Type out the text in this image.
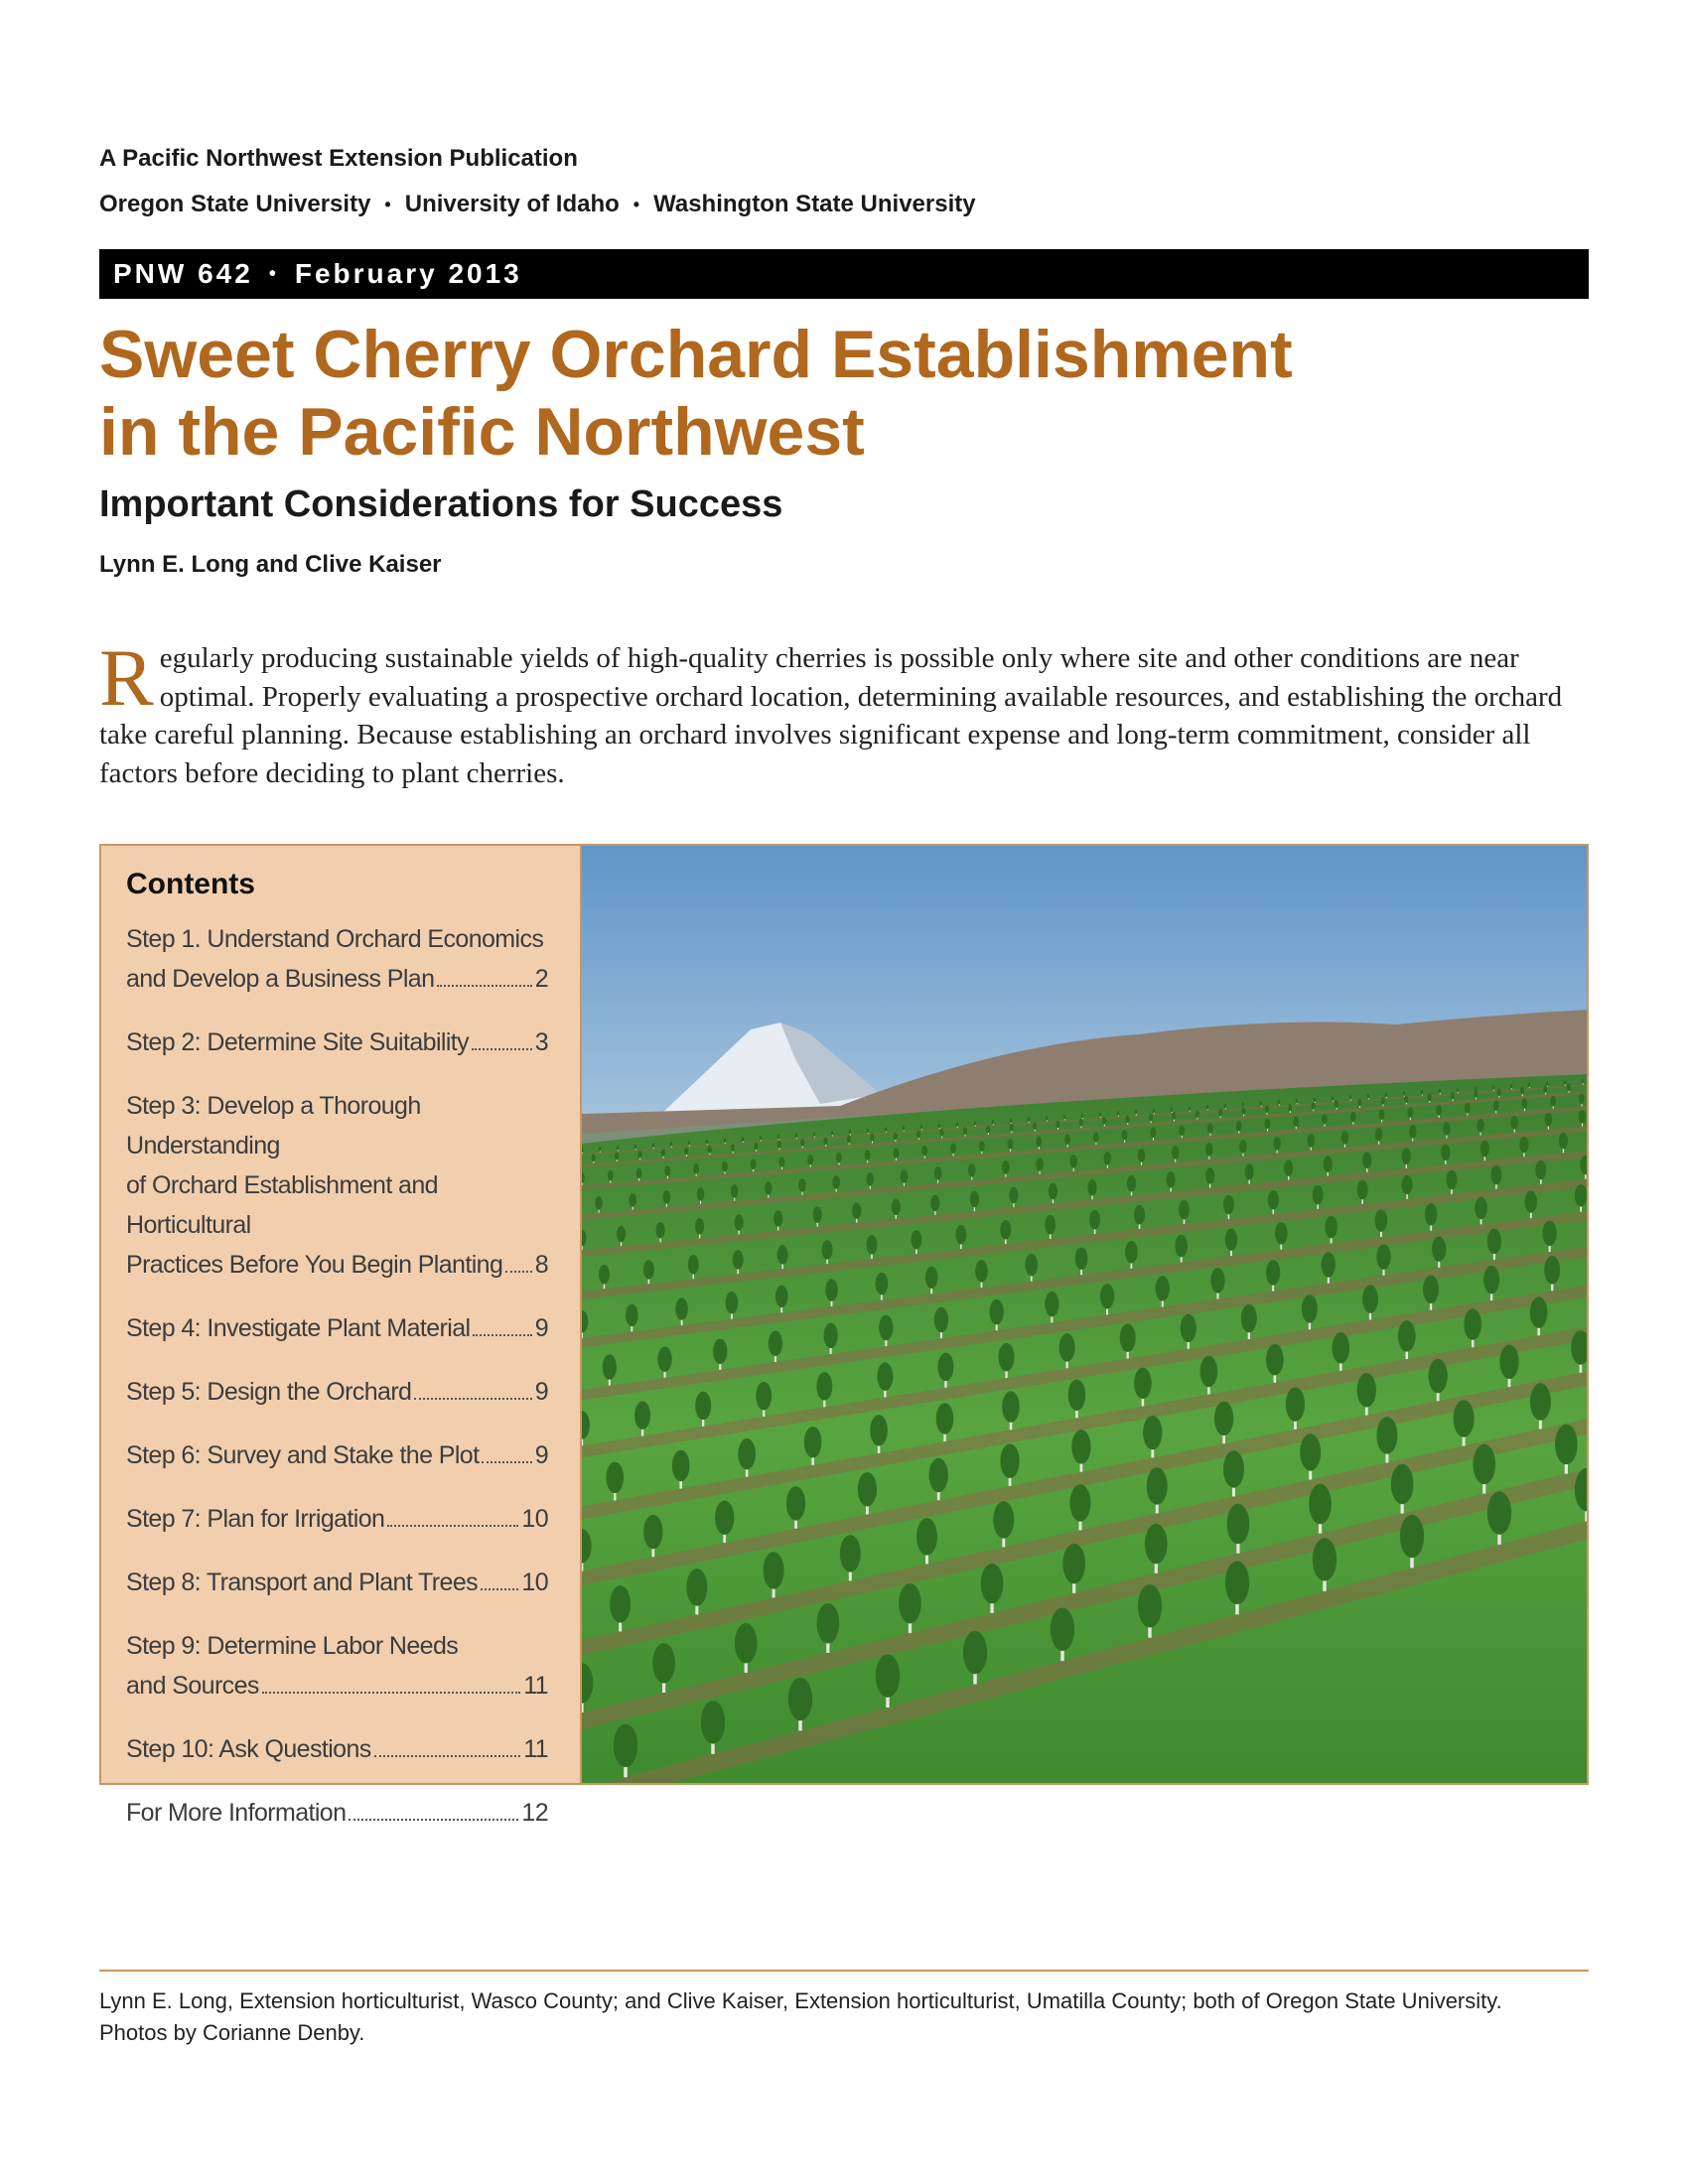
A Pacific Northwest Extension Publication
Oregon State University • University of Idaho • Washington State University
PNW 642 • February 2013
Sweet Cherry Orchard Establishment
in the Pacific Northwest
Important Considerations for Success
Lynn E. Long and Clive Kaiser
Regularly producing sustainable yields of high-quality cherries is possible only where site and other conditions are near optimal. Properly evaluating a prospective orchard location, determining available resources, and establishing the orchard take careful planning. Because establishing an orchard involves significant expense and long-term commitment, consider all factors before deciding to plant cherries.
Contents
Step 1. Understand Orchard Economics
and Develop a Business Plan	2
Step 2: Determine Site Suitability	3
Step 3: Develop a Thorough Understanding
of Orchard Establishment and Horticultural
Practices Before You Begin Planting 8
Step 4: Investigate Plant Material	9
Step 5: Design the Orchard	9
Step 6: Survey and Stake the Plot 9
Step 7: Plan for Irrigation	10
Step 8: Transport and Plant Trees 10
Step 9: Determine Labor Needs
and Sources	11
Step 10: Ask Questions	11
For More Information	12
Lynn E. Long, Extension horticulturist, Wasco County; and Clive Kaiser, Extension horticulturist, Umatilla County; both of Oregon State University.
Photos by Corianne Denby.
